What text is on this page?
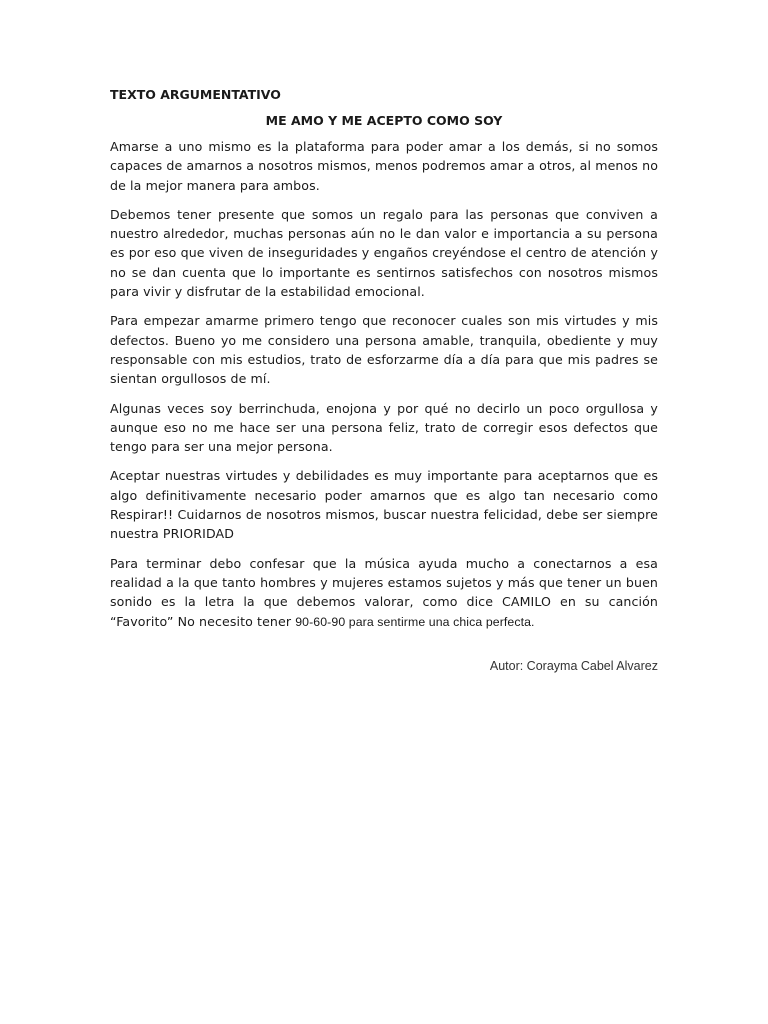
TEXTO ARGUMENTATIVO
ME AMO Y ME ACEPTO COMO SOY

Amarse a uno mismo es la plataforma para poder amar a los demás, si no somos capaces de amarnos a nosotros mismos, menos podremos amar a otros, al menos no de la mejor manera para ambos.

Debemos tener presente que somos un regalo para las personas que conviven a nuestro alrededor, muchas personas aún no le dan valor e importancia a su persona es por eso que viven de inseguridades y engaños creyéndose el centro de atención y no se dan cuenta que lo importante es sentirnos satisfechos con nosotros mismos para vivir y disfrutar de la estabilidad emocional.

Para empezar amarme primero tengo que reconocer cuales son mis virtudes y mis defectos. Bueno yo me considero una persona amable, tranquila, obediente y muy responsable con mis estudios, trato de esforzarme día a día para que mis padres se sientan orgullosos de mí.

Algunas veces soy berrinchuda, enojona y por qué no decirlo un poco orgullosa y aunque eso no me hace ser una persona feliz, trato de corregir esos defectos que tengo para ser una mejor persona.

Aceptar nuestras virtudes y debilidades es muy importante para aceptarnos que es algo definitivamente necesario poder amarnos que es algo tan necesario como Respirar!! Cuidarnos de nosotros mismos, buscar nuestra felicidad, debe ser siempre nuestra PRIORIDAD

Para terminar debo confesar que la música ayuda mucho a conectarnos a esa realidad a la que tanto hombres y mujeres estamos sujetos y más que tener un buen sonido es la letra la que debemos valorar, como dice CAMILO en su canción “Favorito” No necesito tener 90-60-90 para sentirme una chica perfecta.

Autor: Corayma Cabel Alvarez
